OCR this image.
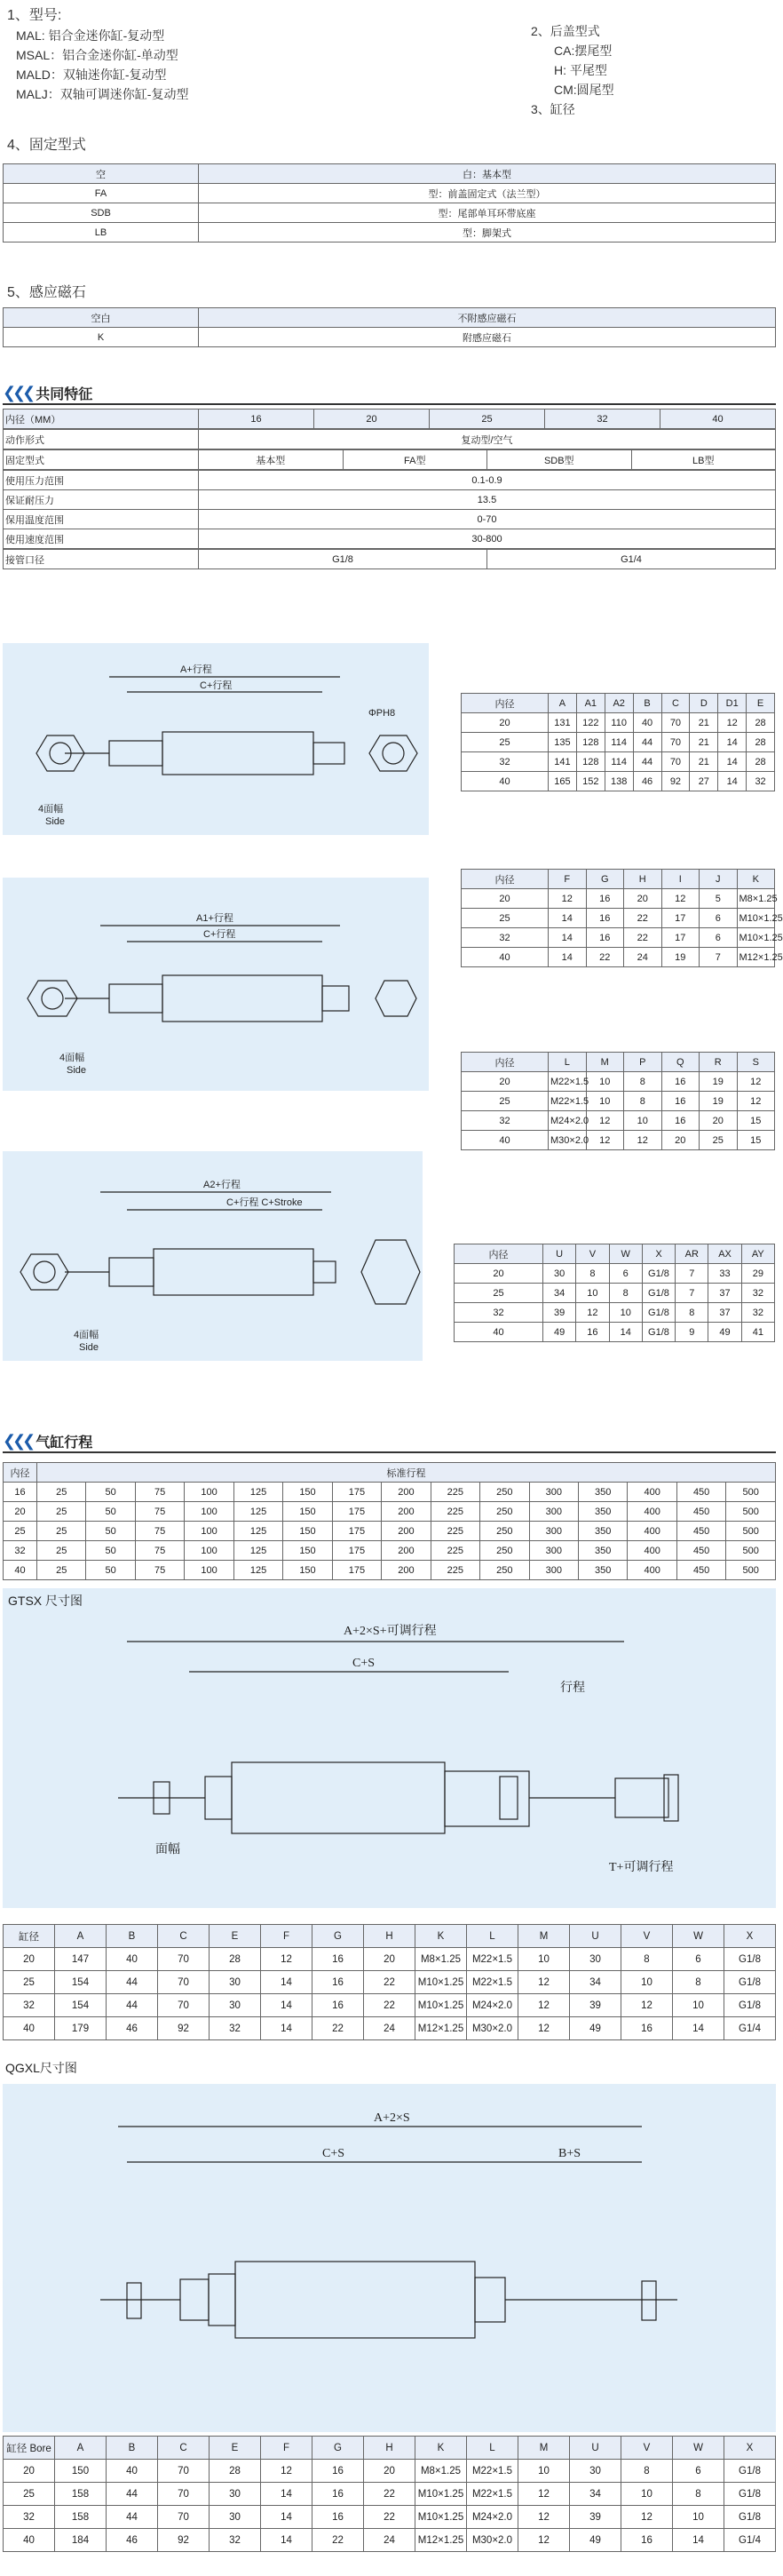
1、型号:
MAL: 铝合金迷你缸-复动型
MSAL：铝合金迷你缸-单动型
MALD：双轴迷你缸-复动型
MALJ：双轴可调迷你缸-复动型
2、后盖型式
CA:摆尾型
H: 平尾型
CM:圆尾型
3、缸径
4、固定型式
空	白：基本型
FA	型：前盖固定式（法兰型）
SDB	型：尾部单耳环带底座
LB	型：脚架式
5、感应磁石
空白	不附感应磁石
K	附感应磁石
❮❮❮ 共同特征
内径（MM）	16	20	25	32	40
动作形式	复动型/空气
固定型式	基本型	FA型	SDB型	LB型
使用压力范围	0.1-0.9
保证耐压力	13.5
保用温度范围	0-70
使用速度范围	30-800
接管口径	G1/8	G1/4
A+行程
C+行程
ΦPH8
4面幅
Side
内径	A	A1	A2	B	C	D	D1	E
20	131	122	110	40	70	21	12	28
25	135	128	114	44	70	21	14	28
32	141	128	114	44	70	21	14	28
40	165	152	138	46	92	27	14	32
A1+行程
C+行程
4面幅
Side
内径	F	G	H	I	J	K
20	12	16	20	12	5	M8×1.25
25	14	16	22	17	6	M10×1.25
32	14	16	22	17	6	M10×1.25
40	14	22	24	19	7	M12×1.25
内径	L	M	P	Q	R	S
20	M22×1.5	10	8	16	19	12
25	M22×1.5	10	8	16	19	12
32	M24×2.0	12	10	16	20	15
40	M30×2.0	12	12	20	25	15
A2+行程
C+行程 C+Stroke
4面幅
Side
内径	U	V	W	X	AR	AX	AY
20	30	8	6	G1/8	7	33	29
25	34	10	8	G1/8	7	37	32
32	39	12	10	G1/8	8	37	32
40	49	16	14	G1/8	9	49	41
❮❮❮ 气缸行程
内径	标准行程														
16	25	50	75	100	125	150	175	200	225	250	300	350	400	450	500
20	25	50	75	100	125	150	175	200	225	250	300	350	400	450	500
25	25	50	75	100	125	150	175	200	225	250	300	350	400	450	500
32	25	50	75	100	125	150	175	200	225	250	300	350	400	450	500
40	25	50	75	100	125	150	175	200	225	250	300	350	400	450	500
GTSX 尺寸图
A+2×S+可调行程
C+S
行程
面幅
T+可调行程
缸径	A	B	C	E	F	G	H	K	L	M	U	V	W	X
20	147	40	70	28	12	16	20	M8×1.25	M22×1.5	10	30	8	6	G1/8
25	154	44	70	30	14	16	22	M10×1.25	M22×1.5	12	34	10	8	G1/8
32	154	44	70	30	14	16	22	M10×1.25	M24×2.0	12	39	12	10	G1/8
40	179	46	92	32	14	22	24	M12×1.25	M30×2.0	12	49	16	14	G1/4
QGXL尺寸图
A+2×S
C+S	B+S
缸径 Bore	A	B	C	E	F	G	H	K	L	M	U	V	W	X
20	150	40	70	28	12	16	20	M8×1.25	M22×1.5	10	30	8	6	G1/8
25	158	44	70	30	14	16	22	M10×1.25	M22×1.5	12	34	10	8	G1/8
32	158	44	70	30	14	16	22	M10×1.25	M24×2.0	12	39	12	10	G1/8
40	184	46	92	32	14	22	24	M12×1.25	M30×2.0	12	49	16	14	G1/4
